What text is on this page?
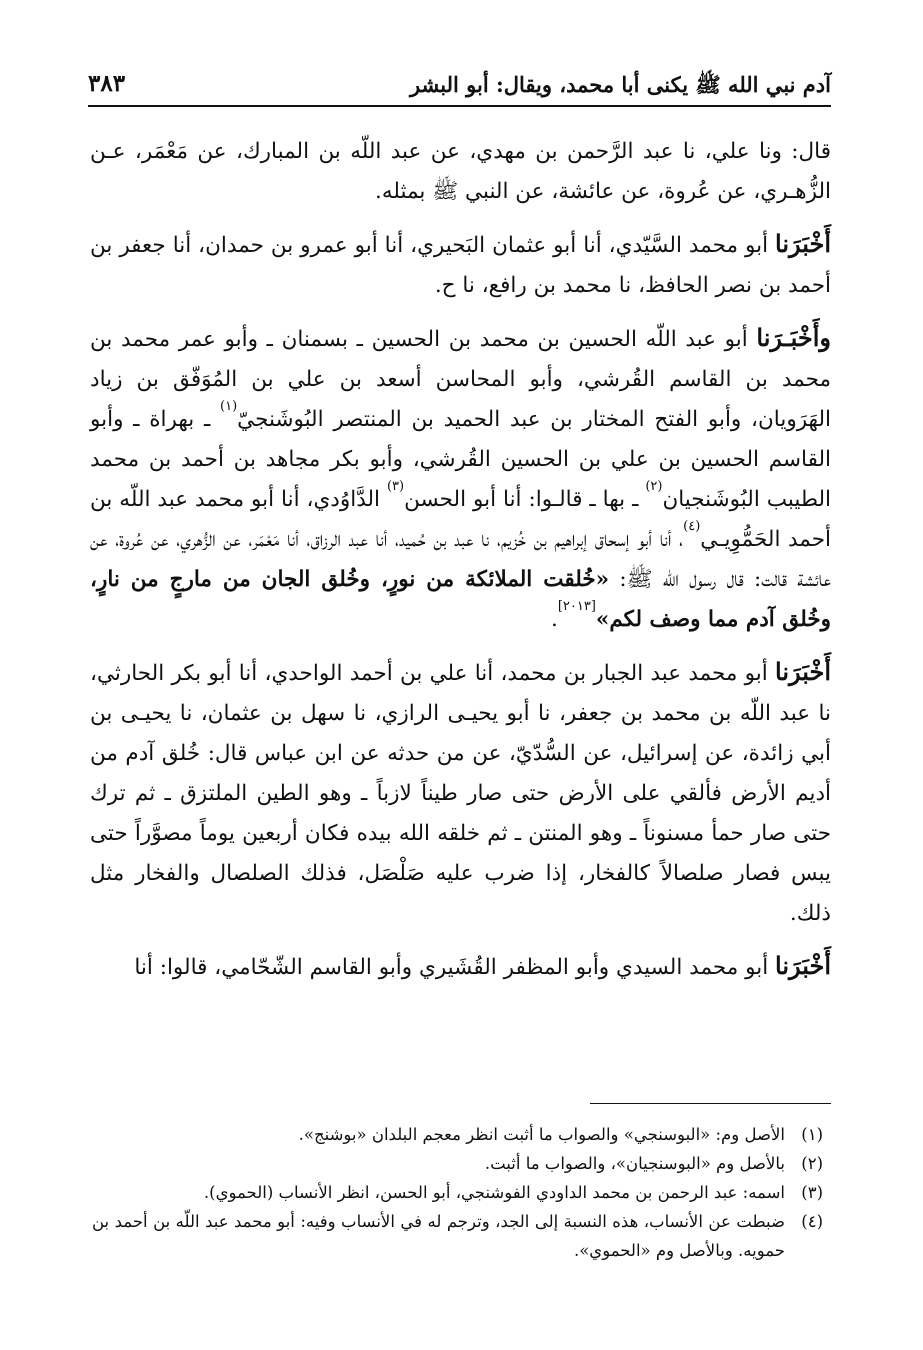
آدم نبي الله ﷺ يكنى أبا محمد، ويقال: أبو البشر
٣٨٣

قال: ونا علي، نا عبد الرَّحمن بن مهدي، عن عبد اللّه بن المبارك، عن مَعْمَر، عـن الزُّهـري، عن عُروة، عن عائشة، عن النبي ﷺ بمثله.

أَخْبَرَنا أبو محمد السَّيّدي، أنا أبو عثمان البَحيري، أنا أبو عمرو بن حمدان، أنا جعفر بن أحمد بن نصر الحافظ، نا محمد بن رافع، نا ح.

وأَخْبَـرَنا أبو عبد اللّه الحسين بن محمد بن الحسين ـ بسمنان ـ وأبو عمر محمد بن محمد بن القاسم القُرشي، وأبو المحاسن أسعد بن علي بن المُوَفّق بن زياد الهَرَويان، وأبو الفتح المختار بن عبد الحميد بن المنتصر البُوشَنجيّ$^{(١)}$ ـ بهراة ـ وأبو القاسم الحسين بن علي بن الحسين القُرشي، وأبو بكر مجاهد بن أحمد بن محمد الطيبب البُوشَنجيان$^{(٢)}$ ـ بها ـ قالـوا: أنا أبو الحسن$^{(٣)}$ الدَّاوُدي، أنا أبو محمد عبد اللّه بن أحمد الحَمُّوِيـي$^{(٤)}$، أنا أبو إسحاق إبراهيم بن خُزيم، نا عبد بن حُميد، أنا عبد الرزاق، أنا مَعْمَر، عن الزُّهري، عن عُروة، عن عائشة قالت: قال رسول الله ﷺ: «خُلقت الملائكة من نورٍ، وخُلق الجان من مارجٍ من نارٍ، وخُلق آدم مما وصف لكم»[٢٠١٣].

أَخْبَرَنا أبو محمد عبد الجبار بن محمد، أنا علي بن أحمد الواحدي، أنا أبو بكر الحارثي، نا عبد اللّه بن محمد بن جعفر، نا أبو يحيـى الرازي، نا سهل بن عثمان، نا يحيـى بن أبي زائدة، عن إسرائيل، عن السُّدّيّ، عن من حدثه عن ابن عباس قال: خُلق آدم من أديم الأرض فألقي على الأرض حتى صار طيناً لازباً ـ وهو الطين الملتزق ـ ثم ترك حتى صار حمأ مسنوناً ـ وهو المنتن ـ ثم خلقه الله بيده فكان أربعين يوماً مصوَّراً حتى يبس فصار صلصالاً كالفخار، إذا ضرب عليه صَلْصَل، فذلك الصلصال والفخار مثل ذلك.

أَخْبَرَنا أبو محمد السيدي وأبو المظفر القُشَيري وأبو القاسم الشّحّامي، قالوا: أنا

(١)
الأصل وم: «البوسنجي» والصواب ما أثبت انظر معجم البلدان «بوشنج».
(٢)
بالأصل وم «البوسنجيان»، والصواب ما أثبت.
(٣)
اسمه: عبد الرحمن بن محمد الداودي الفوشنجي، أبو الحسن، انظر الأنساب (الحموي).
(٤)
ضبطت عن الأنساب، هذه النسبة إلى الجد، وترجم له في الأنساب وفيه: أبو محمد عبد اللّه بن أحمد بن حمويه. وبالأصل وم «الحموي».
